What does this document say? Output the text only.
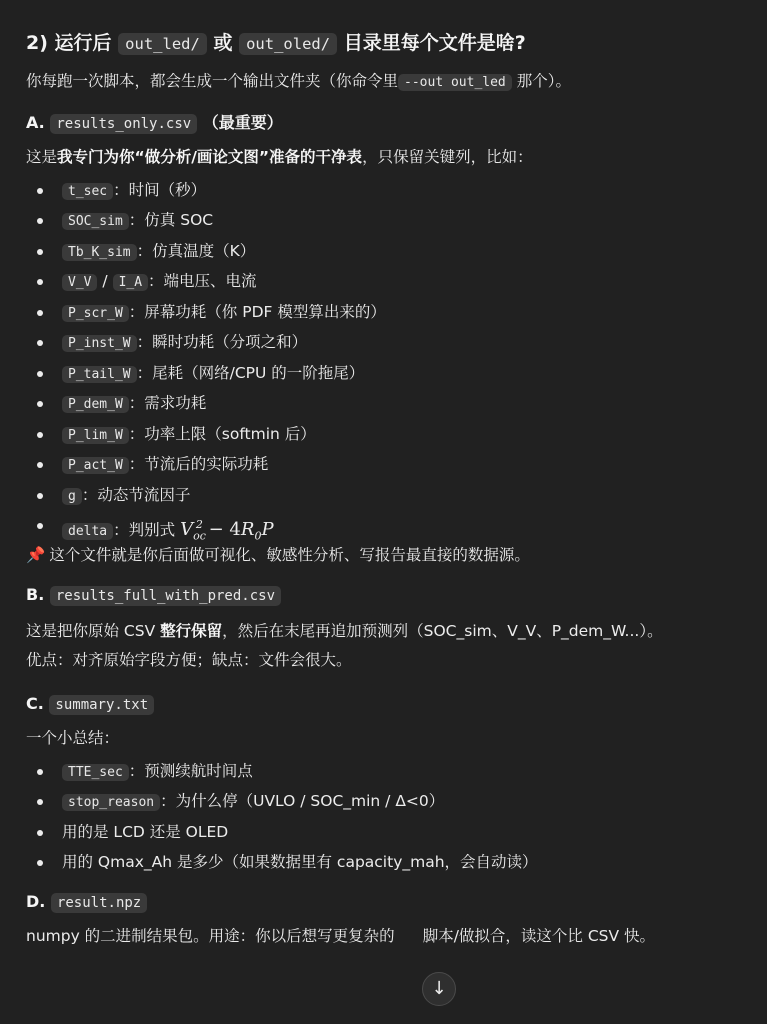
2) 运行后 out_led/ 或 out_oled/ 目录里每个文件是啥?

你每跑一次脚本，都会生成一个输出文件夹（你命令里 --out out_led 那个）。

A. results_only.csv （最重要）

这是我专门为你“做分析/画论文图”准备的干净表，只保留关键列，比如：

t_sec ：时间（秒）
SOC_sim ：仿真 SOC
Tb_K_sim ：仿真温度（K）
V_V / I_A ：端电压、电流
P_scr_W ：屏幕功耗（你 PDF 模型算出来的）
P_inst_W ：瞬时功耗（分项之和）
P_tail_W ：尾耗（网络/CPU 的一阶拖尾）
P_dem_W ：需求功耗
P_lim_W ：功率上限（softmin 后）
P_act_W ：节流后的实际功耗
g ：动态节流因子
delta ：判别式 $V_{oc}^2 - 4R_0P$

📌 这个文件就是你后面做可视化、敏感性分析、写报告最直接的数据源。

B. results_full_with_pred.csv

这是把你原始 CSV 整行保留，然后在末尾再追加预测列（SOC_sim、V_V、P_dem_W...）。
优点：对齐原始字段方便；缺点：文件会很大。

C. summary.txt

一个小总结：

TTE_sec ：预测续航时间点
stop_reason ：为什么停（UVLO / SOC_min / Δ<0）
用的是 LCD 还是 OLED
用的 Qmax_Ah 是多少（如果数据里有 capacity_mah，会自动读）
D. result.npz

numpy 的二进制结果包。用途：你以后想写更复杂的 脚本/做拟合，读这个比 CSV 快。

↓
